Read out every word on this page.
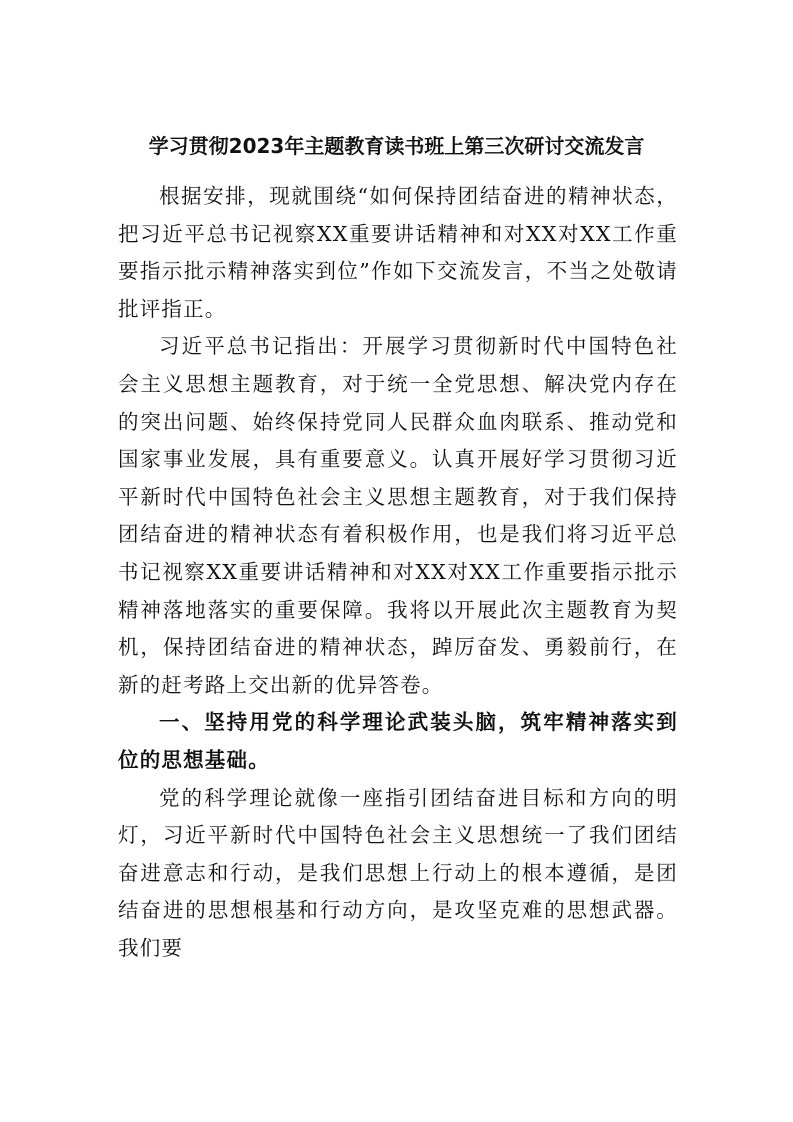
学习贯彻2023年主题教育读书班上第三次研讨交流发言

根据安排，现就围绕“如何保持团结奋进的精神状态，把习近平总书记视察XX重要讲话精神和对XX对XX工作重要指示批示精神落实到位”作如下交流发言，不当之处敬请批评指正。

习近平总书记指出：开展学习贯彻新时代中国特色社会主义思想主题教育，对于统一全党思想、解决党内存在的突出问题、始终保持党同人民群众血肉联系、推动党和国家事业发展，具有重要意义。认真开展好学习贯彻习近平新时代中国特色社会主义思想主题教育，对于我们保持团结奋进的精神状态有着积极作用，也是我们将习近平总书记视察XX重要讲话精神和对XX对XX工作重要指示批示精神落地落实的重要保障。我将以开展此次主题教育为契机，保持团结奋进的精神状态，踔厉奋发、勇毅前行，在新的赶考路上交出新的优异答卷。

一、坚持用党的科学理论武装头脑，筑牢精神落实到位的思想基础。

党的科学理论就像一座指引团结奋进目标和方向的明灯，习近平新时代中国特色社会主义思想统一了我们团结奋进意志和行动，是我们思想上行动上的根本遵循，是团结奋进的思想根基和行动方向，是攻坚克难的思想武器。我们要
